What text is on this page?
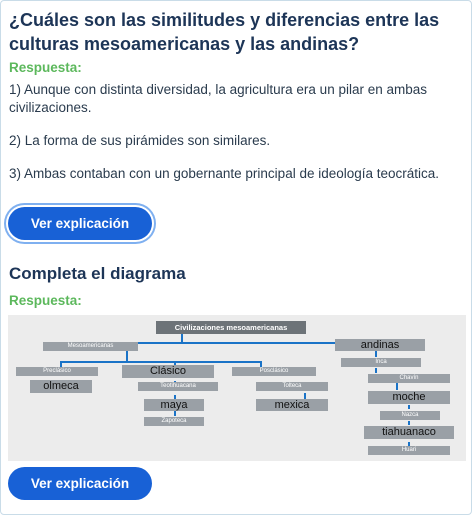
¿Cuáles son las similitudes y diferencias entre las culturas mesoamericanas y las andinas?
Respuesta:
1) Aunque con distinta diversidad, la agricultura era un pilar en ambas civilizaciones.
2) La forma de sus pirámides son similares.
3) Ambas contaban con un gobernante principal de ideología teocrática.
Ver explicación
Completa el diagrama
Respuesta:
Civilizaciones mesoamericanas
Mesoamericanas	andinas
Preclásico
olmeca
Clásico
Teotihuacana
maya
Zapoteca
Posclásico
Tolteca
mexica
Inca
Chavín
moche
Nazca
tiahuanaco
Huari
Ver explicación
